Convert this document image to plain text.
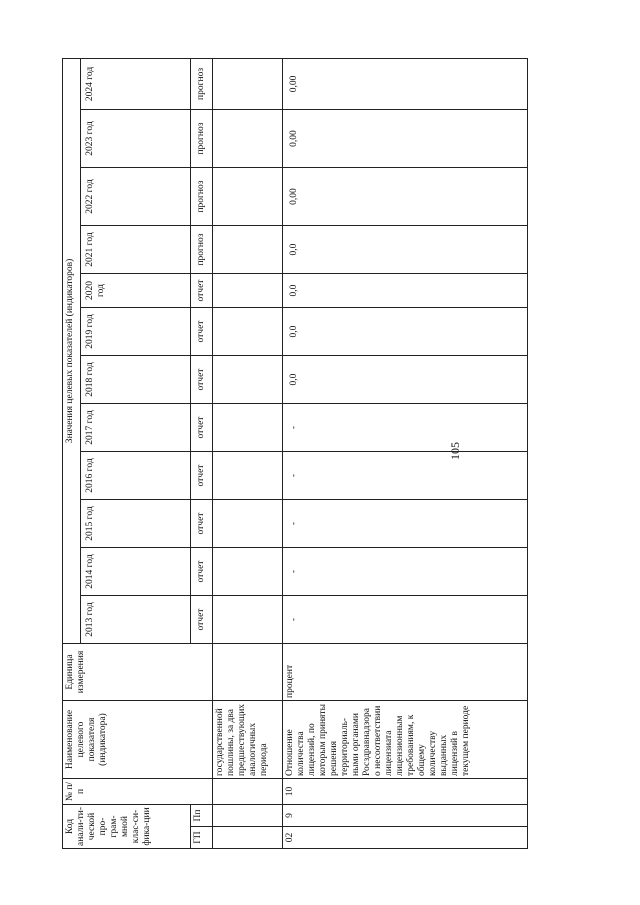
105
Код анали-ти-ческой про-грам-мной клас-си-фика-ции		№ п/п	Наименование целевого показателя (индикатора)	Единица измерения	Значения целевых показателей (индикаторов)											
					2013 год	2014 год	2015 год	2016 год	2017 год	2018 год	2019 год	2020 год	2021 год	2022 год	2023 год	2024 год
ГП	Пп				отчет	отчет	отчет	отчет	отчет	отчет	отчет	отчет	прогноз	прогноз	прогноз	прогноз
			государственной пошлины, за два предшествующих аналогичных периода													
02	9	10	Отношение количества лицензий, по которым приняты решения территориаль-ными органами Росздравнадзора о несоответствии лицензиата лицензионным требованиям, к общему количеству выданных лицензий в текущем периоде	процент	-	-	-	-	-	0,0	0,0	0,0	0,0	0,00	0,00	0,00
